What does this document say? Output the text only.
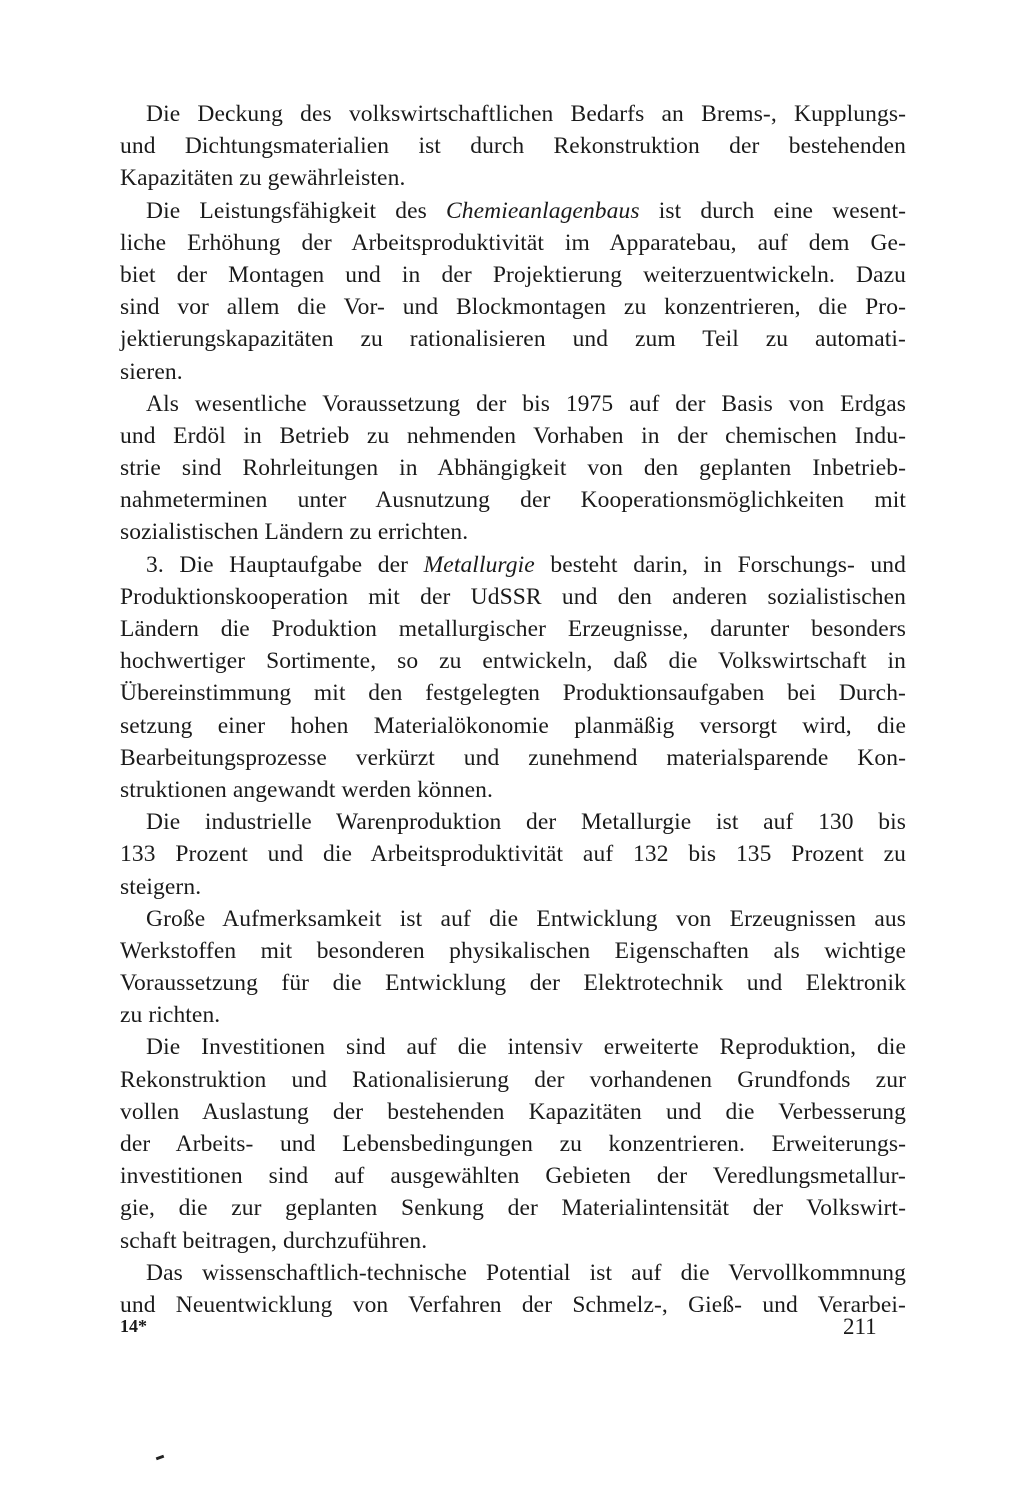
Die Deckung des volkswirtschaftlichen Bedarfs an Brems-, Kupplungs-
und Dichtungsmaterialien ist durch Rekonstruktion der bestehenden
Kapazitäten zu gewährleisten.
Die Leistungsfähigkeit des Chemieanlagenbaus ist durch eine wesent-
liche Erhöhung der Arbeitsproduktivität im Apparatebau, auf dem Ge-
biet der Montagen und in der Projektierung weiterzuentwickeln. Dazu
sind vor allem die Vor- und Blockmontagen zu konzentrieren, die Pro-
jektierungskapazitäten zu rationalisieren und zum Teil zu automati-
sieren.
Als wesentliche Voraussetzung der bis 1975 auf der Basis von Erdgas
und Erdöl in Betrieb zu nehmenden Vorhaben in der chemischen Indu-
strie sind Rohrleitungen in Abhängigkeit von den geplanten Inbetrieb-
nahmeterminen unter Ausnutzung der Kooperationsmöglichkeiten mit
sozialistischen Ländern zu errichten.
3. Die Hauptaufgabe der Metallurgie besteht darin, in Forschungs- und
Produktionskooperation mit der UdSSR und den anderen sozialistischen
Ländern die Produktion metallurgischer Erzeugnisse, darunter besonders
hochwertiger Sortimente, so zu entwickeln, daß die Volkswirtschaft in
Übereinstimmung mit den festgelegten Produktionsaufgaben bei Durch-
setzung einer hohen Materialökonomie planmäßig versorgt wird, die
Bearbeitungsprozesse verkürzt und zunehmend materialsparende Kon-
struktionen angewandt werden können.
Die industrielle Warenproduktion der Metallurgie ist auf 130 bis
133 Prozent und die Arbeitsproduktivität auf 132 bis 135 Prozent zu
steigern.
Große Aufmerksamkeit ist auf die Entwicklung von Erzeugnissen aus
Werkstoffen mit besonderen physikalischen Eigenschaften als wichtige
Voraussetzung für die Entwicklung der Elektrotechnik und Elektronik
zu richten.
Die Investitionen sind auf die intensiv erweiterte Reproduktion, die
Rekonstruktion und Rationalisierung der vorhandenen Grundfonds zur
vollen Auslastung der bestehenden Kapazitäten und die Verbesserung
der Arbeits- und Lebensbedingungen zu konzentrieren. Erweiterungs-
investitionen sind auf ausgewählten Gebieten der Veredlungsmetallur-
gie, die zur geplanten Senkung der Materialintensität der Volkswirt-
schaft beitragen, durchzuführen.
Das wissenschaftlich-technische Potential ist auf die Vervollkommnung
und Neuentwicklung von Verfahren der Schmelz-, Gieß- und Verarbei-
14*	211
